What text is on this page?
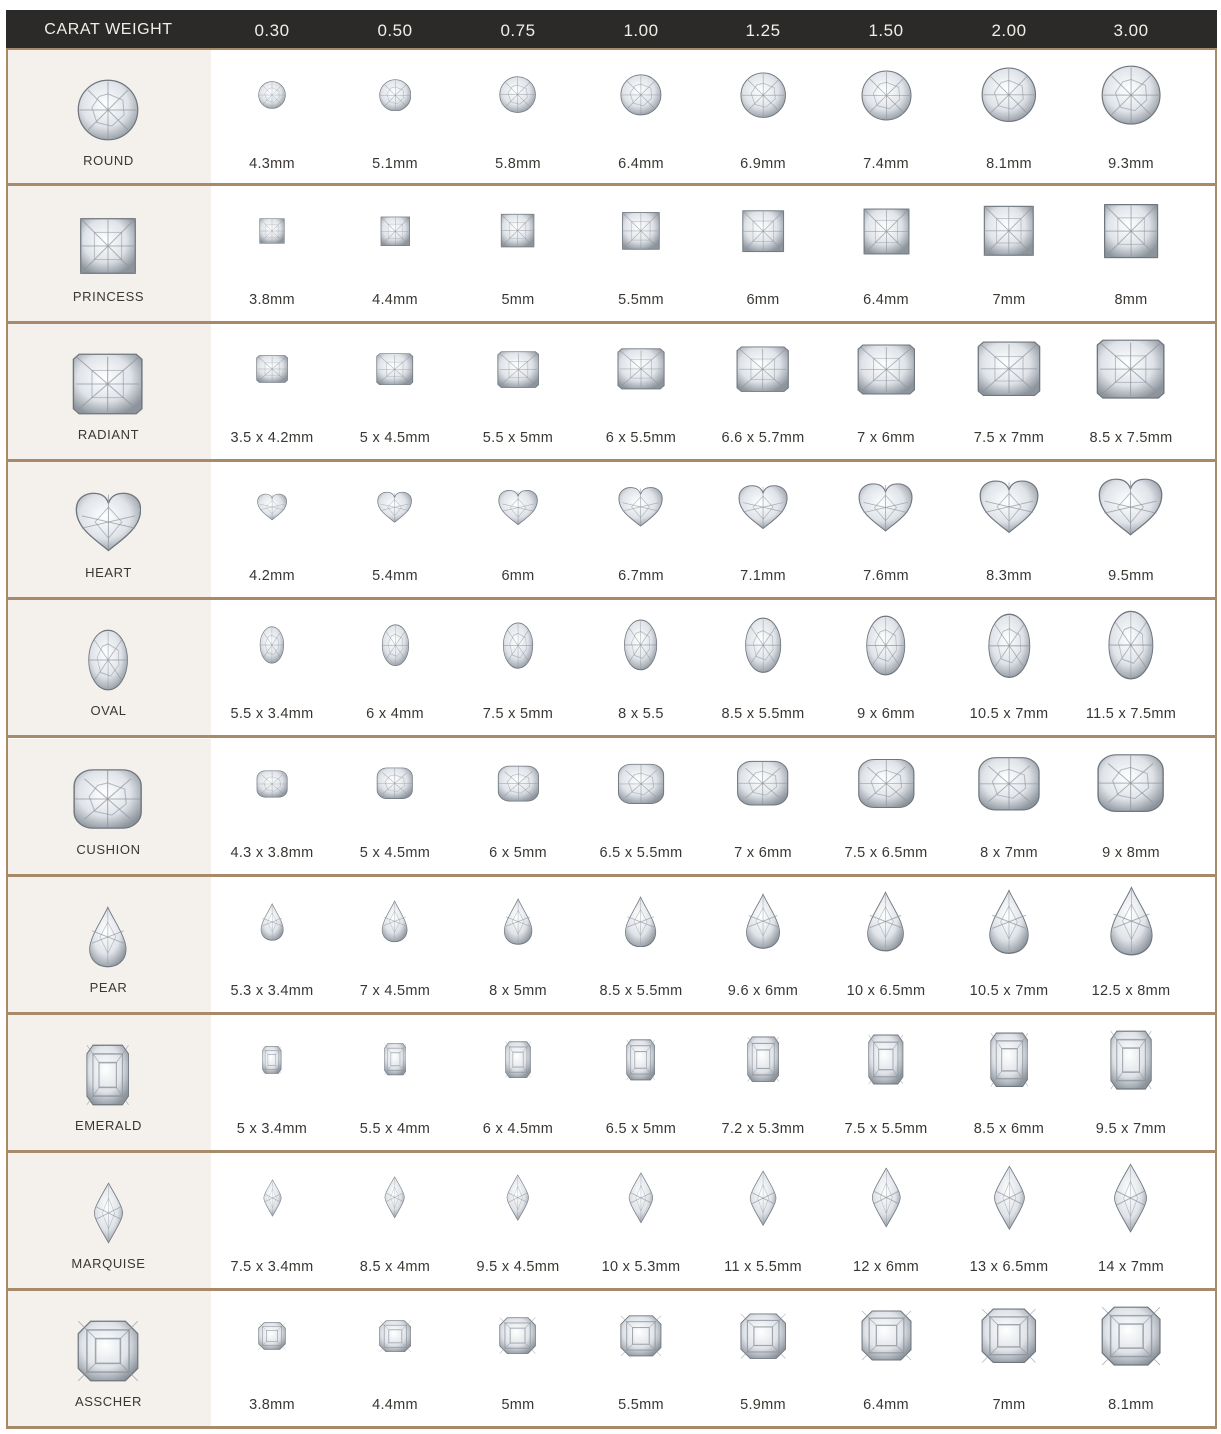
CARAT WEIGHT	0.30	0.50	0.75	1.00	1.25	1.50	2.00	3.00
ROUND	4.3mm	5.1mm	5.8mm	6.4mm	6.9mm	7.4mm	8.1mm	9.3mm
PRINCESS	3.8mm	4.4mm	5mm	5.5mm	6mm	6.4mm	7mm	8mm
RADIANT	3.5 x 4.2mm	5 x 4.5mm	5.5 x 5mm	6 x 5.5mm	6.6 x 5.7mm	7 x 6mm	7.5 x 7mm	8.5 x 7.5mm
HEART	4.2mm	5.4mm	6mm	6.7mm	7.1mm	7.6mm	8.3mm	9.5mm
OVAL	5.5 x 3.4mm	6 x 4mm	7.5 x 5mm	8 x 5.5	8.5 x 5.5mm	9 x 6mm	10.5 x 7mm	11.5 x 7.5mm
CUSHION	4.3 x 3.8mm	5 x 4.5mm	6 x 5mm	6.5 x 5.5mm	7 x 6mm	7.5 x 6.5mm	8 x 7mm	9 x 8mm
PEAR	5.3 x 3.4mm	7 x 4.5mm	8 x 5mm	8.5 x 5.5mm	9.6 x 6mm	10 x 6.5mm	10.5 x 7mm	12.5 x 8mm
EMERALD	5 x 3.4mm	5.5 x 4mm	6 x 4.5mm	6.5 x 5mm	7.2 x 5.3mm	7.5 x 5.5mm	8.5 x 6mm	9.5 x 7mm
MARQUISE	7.5 x 3.4mm	8.5 x 4mm	9.5 x 4.5mm	10 x 5.3mm	11 x 5.5mm	12 x 6mm	13 x 6.5mm	14 x 7mm
ASSCHER	3.8mm	4.4mm	5mm	5.5mm	5.9mm	6.4mm	7mm	8.1mm
